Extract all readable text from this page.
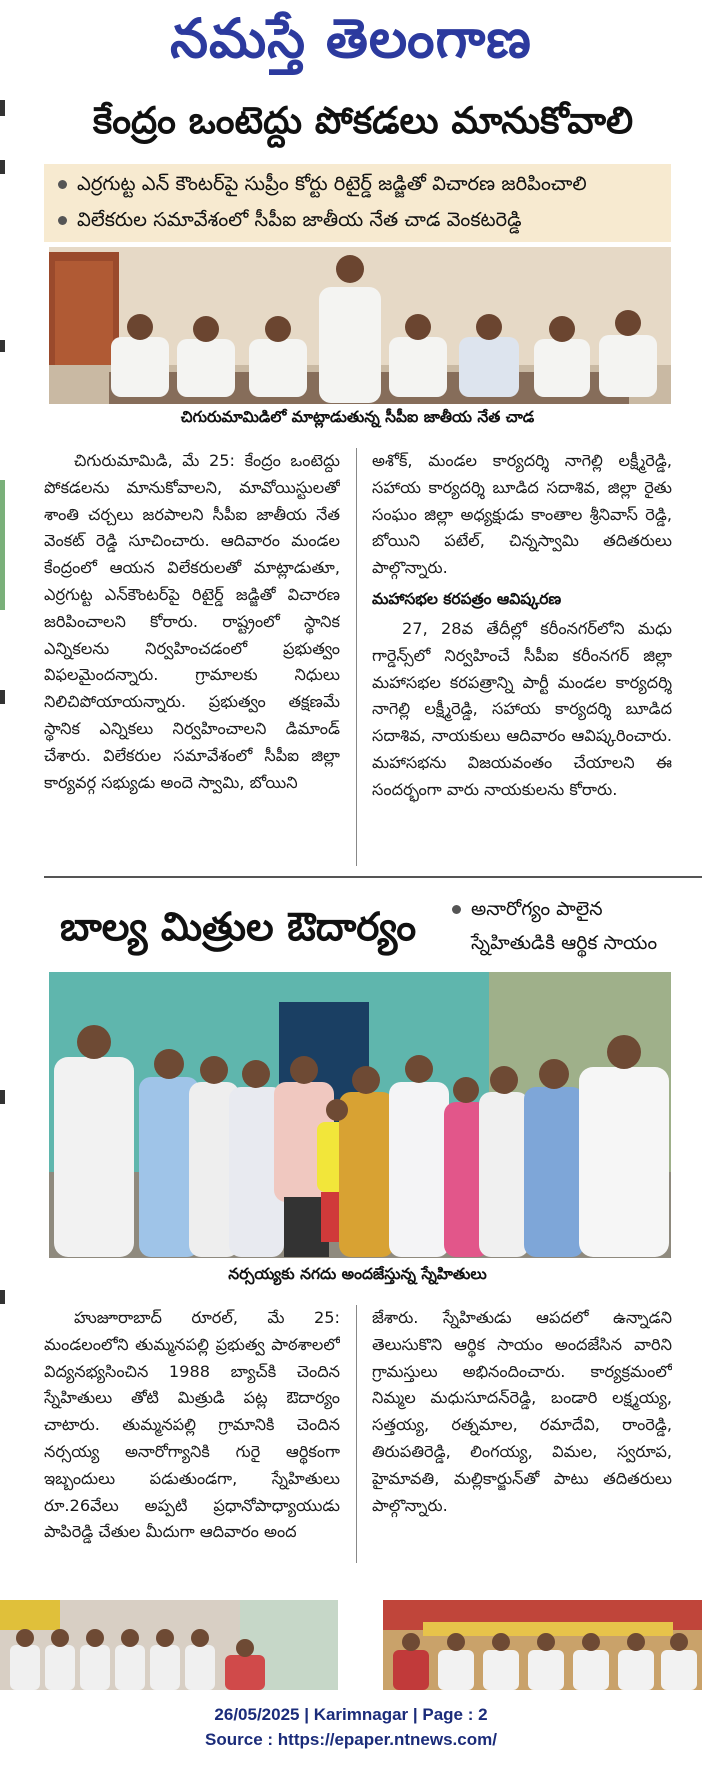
నమస్తే తెలంగాణ
కేంద్రం ఒంటెద్దు పోకడలు మానుకోవాలి
ఎర్రగుట్ట ఎన్ కౌంటర్‌పై సుప్రీం కోర్టు రిటైర్డ్ జడ్జితో విచారణ జరిపించాలి
విలేకరుల సమావేశంలో సీపీఐ జాతీయ నేత చాడ వెంకటరెడ్డి
చిగురుమామిడిలో మాట్లాడుతున్న సీపీఐ జాతీయ నేత చాడ

చిగురుమామిడి, మే 25: కేంద్రం ఒంటెద్దు పోకడలను మానుకోవాలని, మావోయిస్టులతో శాంతి చర్చలు జరపాలని సీపీఐ జాతీయ నేత వెంకట్ రెడ్డి సూచించారు. ఆదివారం మండల కేంద్రంలో ఆయన విలేకరులతో మాట్లాడుతూ, ఎర్రగుట్ట ఎన్‌కౌంటర్‌పై రిటైర్డ్ జడ్జితో విచారణ జరిపించాలని కోరారు. రాష్ట్రంలో స్థానిక ఎన్నికలను నిర్వహించడంలో ప్రభుత్వం విఫలమైందన్నారు. గ్రామాలకు నిధులు నిలిచిపోయాయన్నారు. ప్రభుత్వం తక్షణమే స్థానిక ఎన్నికలు నిర్వహించాలని డిమాండ్ చేశారు. విలేకరుల సమావేశంలో సీపీఐ జిల్లా కార్యవర్గ సభ్యుడు అందె స్వామి, బోయిని

అశోక్, మండల కార్యదర్శి నాగెల్లి లక్ష్మీరెడ్డి, సహాయ కార్యదర్శి బూడిద సదాశివ, జిల్లా రైతు సంఘం జిల్లా అధ్యక్షుడు కాంతాల శ్రీనివాస్ రెడ్డి, బోయిని పటేల్, చిన్నస్వామి తదితరులు పాల్గొన్నారు.

మహాసభల కరపత్రం ఆవిష్కరణ

27, 28వ తేదీల్లో కరీంనగర్‌లోని మధు గార్డెన్స్‌లో నిర్వహించే సీపీఐ కరీంనగర్ జిల్లా మహాసభల కరపత్రాన్ని పార్టీ మండల కార్యదర్శి నాగెల్లి లక్ష్మీరెడ్డి, సహాయ కార్యదర్శి బూడిద సదాశివ, నాయకులు ఆదివారం ఆవిష్కరించారు. మహాసభను విజయవంతం చేయాలని ఈ సందర్భంగా వారు నాయకులను కోరారు.

బాల్య మిత్రుల ఔదార్యం	అనారోగ్యం పాలైన
స్నేహితుడికి ఆర్థిక సాయం
నర్సయ్యకు నగదు అందజేస్తున్న స్నేహితులు

హుజూరాబాద్ రూరల్, మే 25: మండలంలోని తుమ్మనపల్లి ప్రభుత్వ పాఠశాలలో విద్యనభ్యసించిన 1988 బ్యాచ్‌కి చెందిన స్నేహితులు తోటి మిత్రుడి పట్ల ఔదార్యం చాటారు. తుమ్మనపల్లి గ్రామానికి చెందిన నర్సయ్య అనారోగ్యానికి గురై ఆర్థికంగా ఇబ్బందులు పడుతుండగా, స్నేహితులు రూ.26వేలు అప్పటి ప్రధానోపాధ్యాయుడు పాపిరెడ్డి చేతుల మీదుగా ఆదివారం అంద

జేశారు. స్నేహితుడు ఆపదలో ఉన్నాడని తెలుసుకొని ఆర్థిక సాయం అందజేసిన వారిని గ్రామస్తులు అభినందించారు. కార్యక్రమంలో నిమ్మల మధుసూదన్‌రెడ్డి, బండారి లక్ష్మయ్య, సత్తయ్య, రత్నమాల, రమాదేవి, రాంరెడ్డి, తిరుపతిరెడ్డి, లింగయ్య, విమల, స్వరూప, హైమావతి, మల్లికార్జున్‌తో పాటు తదితరులు పాల్గొన్నారు.

26/05/2025 | Karimnagar | Page : 2
Source : https://epaper.ntnews.com/
